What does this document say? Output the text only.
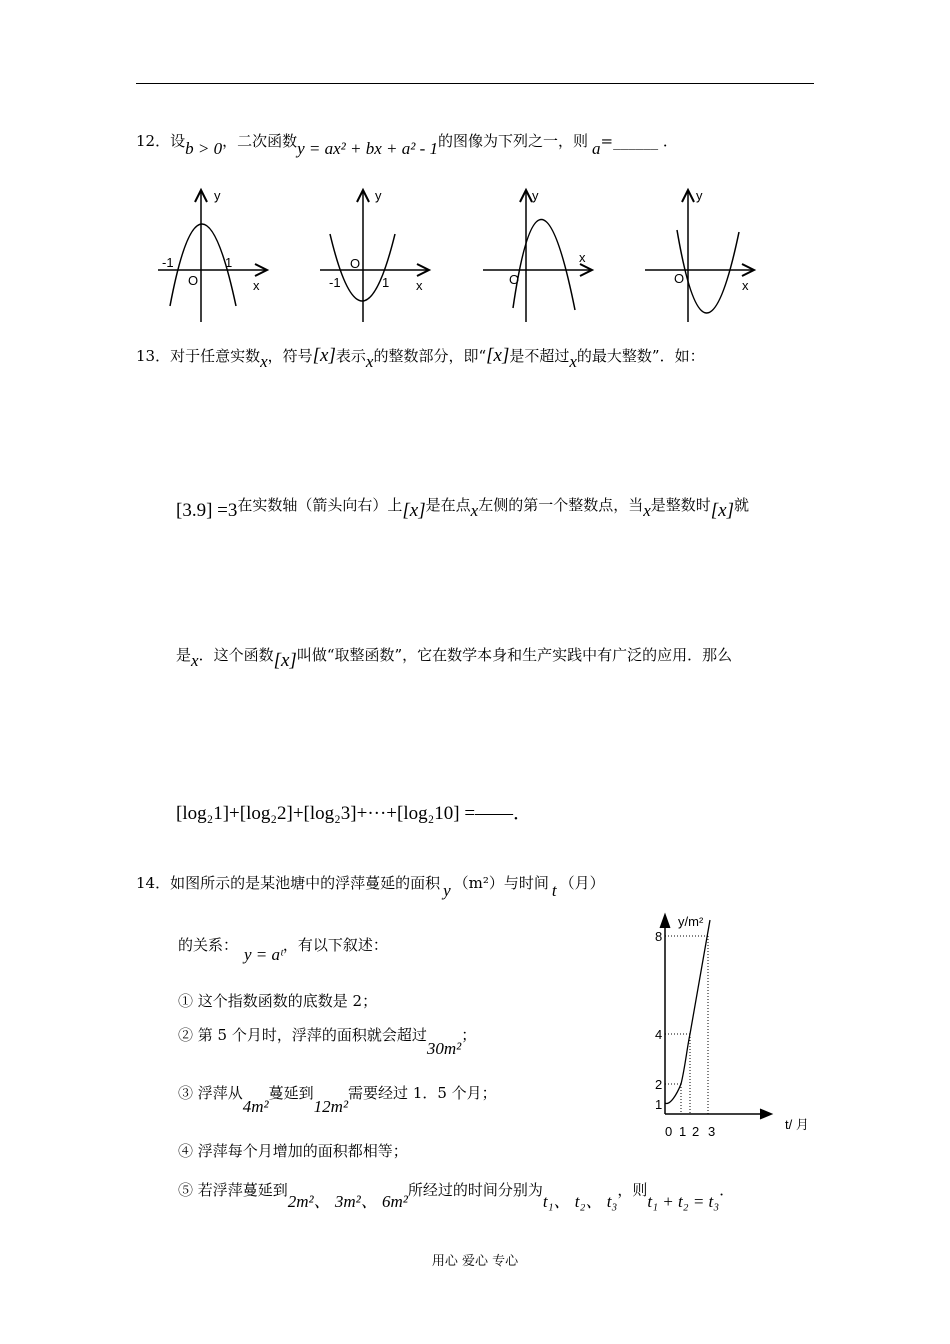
12．设b > 0，二次函数y = ax² + bx + a² - 1的图像为下列之一，则 a=______ ．
y
x
O
-1	1
y
x
O
-1	1
y
x
O
y
x
O
13．对于任意实数x，符号[x]表示x的整数部分，即“[x]是不超过x的最大整数”．如：
[3.9] =3在实数轴（箭头向右）上[x]是在点x左侧的第一个整数点，当x是整数时[x]就
是x．这个函数[x]叫做“取整函数”，它在数学本身和生产实践中有广泛的应用．那么
[log₂1]+[log₂2]+[log₂3]+···+[log₂10] =——．
14．如图所示的是某池塘中的浮萍蔓延的面积 y （m²）与时间 t （月）
的关系： y = aᵗ，有以下叙述：
① 这个指数函数的底数是 2；
② 第 5 个月时，浮萍的面积就会超过30m²；
③ 浮萍从4m²蔓延到12m²需要经过 1．5 个月；
④ 浮萍每个月增加的面积都相等；
⑤ 若浮萍蔓延到2m²、 3m²、 6m²所经过的时间分别为t₁、 t₂、 t₃，则t₁ + t₂ = t₃．
y/m²
t/ 月
8
4
2
1
0 1 2 3
用心 爱心 专心
